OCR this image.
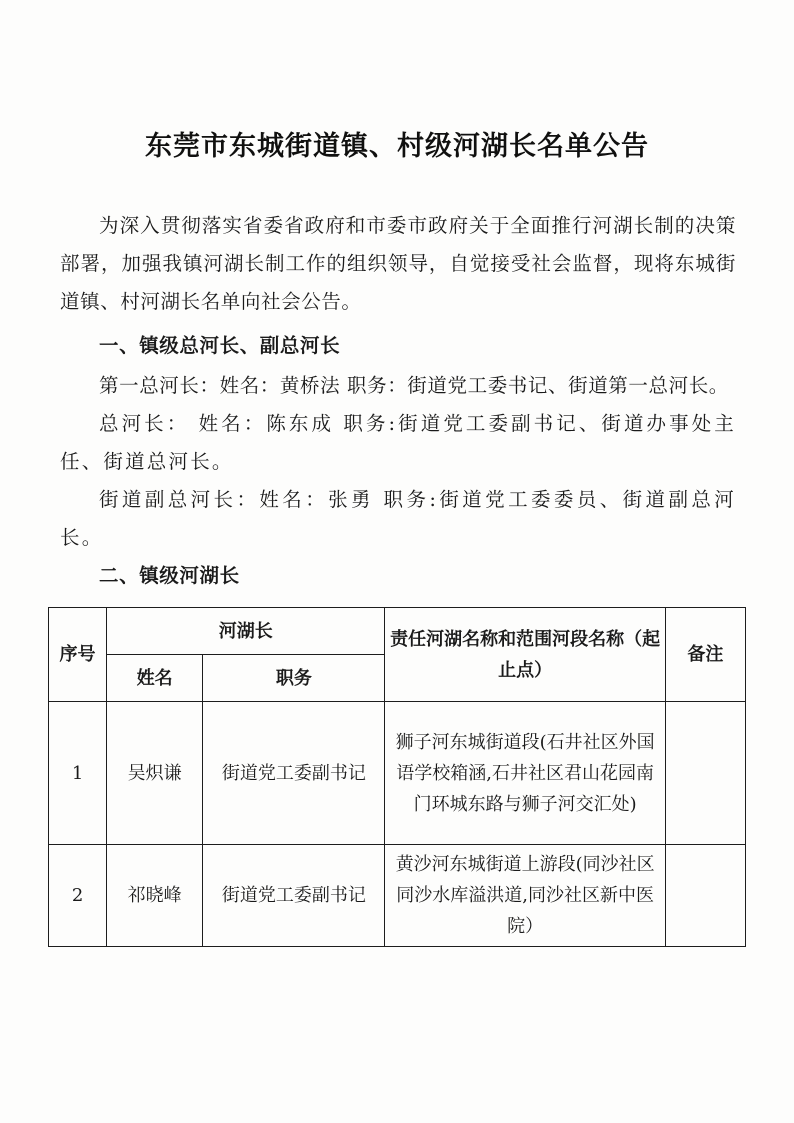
东莞市东城街道镇、村级河湖长名单公告

为深入贯彻落实省委省政府和市委市政府关于全面推行河湖长制的决策部署，加强我镇河湖长制工作的组织领导，自觉接受社会监督，现将东城街道镇、村河湖长名单向社会公告。

一、镇级总河长、副总河长

第一总河长：姓名：黄桥法 职务：街道党工委书记、街道第一总河长。

总河长： 姓名：陈东成 职务:街道党工委副书记、街道办事处主任、街道总河长。

街道副总河长：姓名：张勇 职务:街道党工委委员、街道副总河长。

二、镇级河湖长

序号	河湖长		责任河湖名称和范围河段名称（起止点）	备注
	姓名	职务		
1	吴炽谦	街道党工委副书记	狮子河东城街道段(石井社区外国语学校箱涵,石井社区君山花园南门环城东路与狮子河交汇处)	
2	祁晓峰	街道党工委副书记	黄沙河东城街道上游段(同沙社区同沙水库溢洪道,同沙社区新中医院）	
